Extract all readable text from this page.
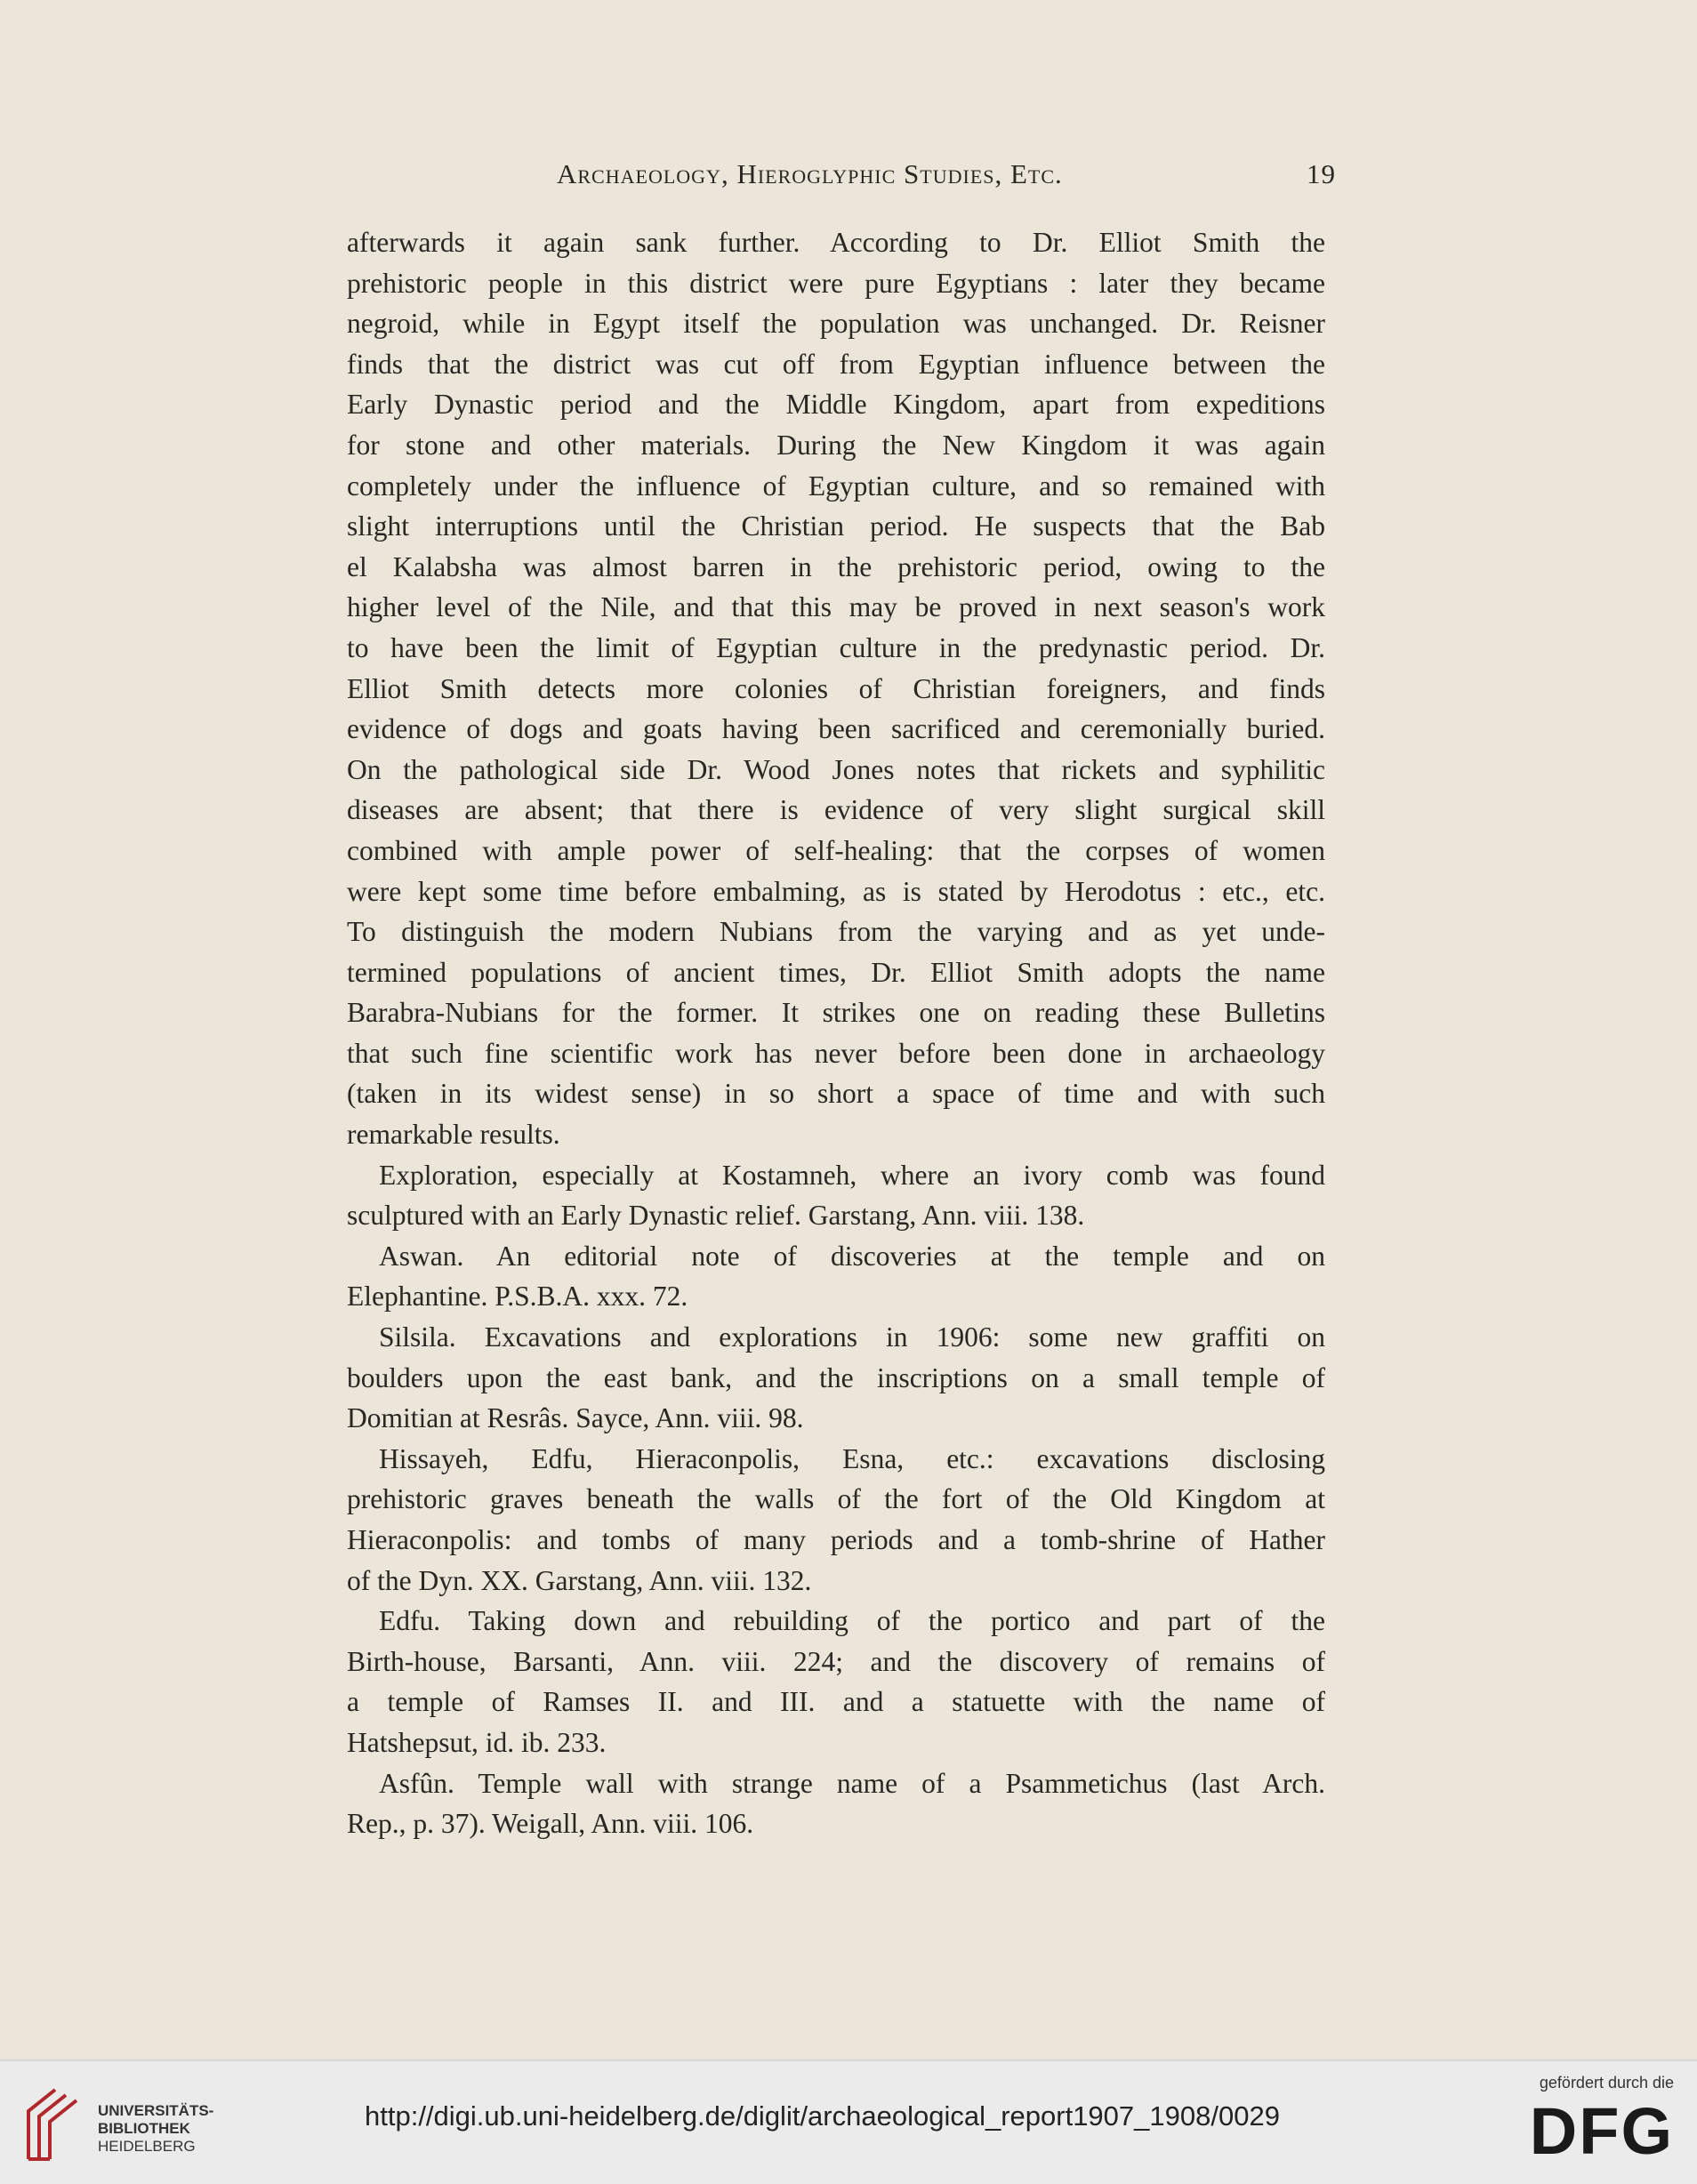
Archaeology, Hieroglyphic Studies, Etc.	19
afterwards it again sank further. According to Dr. Elliot Smith the
prehistoric people in this district were pure Egyptians : later they became
negroid, while in Egypt itself the population was unchanged. Dr. Reisner
finds that the district was cut off from Egyptian influence between the
Early Dynastic period and the Middle Kingdom, apart from expeditions
for stone and other materials. During the New Kingdom it was again
completely under the influence of Egyptian culture, and so remained with
slight interruptions until the Christian period. He suspects that the Bab
el Kalabsha was almost barren in the prehistoric period, owing to the
higher level of the Nile, and that this may be proved in next season's work
to have been the limit of Egyptian culture in the predynastic period. Dr.
Elliot Smith detects more colonies of Christian foreigners, and finds
evidence of dogs and goats having been sacrificed and ceremonially buried.
On the pathological side Dr. Wood Jones notes that rickets and syphilitic
diseases are absent; that there is evidence of very slight surgical skill
combined with ample power of self-healing: that the corpses of women
were kept some time before embalming, as is stated by Herodotus : etc., etc.
To distinguish the modern Nubians from the varying and as yet unde-
termined populations of ancient times, Dr. Elliot Smith adopts the name
Barabra-Nubians for the former. It strikes one on reading these Bulletins
that such fine scientific work has never before been done in archaeology
(taken in its widest sense) in so short a space of time and with such
remarkable results.
Exploration, especially at Kostamneh, where an ivory comb was found
sculptured with an Early Dynastic relief. Garstang, Ann. viii. 138.
Aswan. An editorial note of discoveries at the temple and on
Elephantine. P.S.B.A. xxx. 72.
Silsila. Excavations and explorations in 1906: some new graffiti on
boulders upon the east bank, and the inscriptions on a small temple of
Domitian at Resrâs. Sayce, Ann. viii. 98.
Hissayeh, Edfu, Hieraconpolis, Esna, etc.: excavations disclosing
prehistoric graves beneath the walls of the fort of the Old Kingdom at
Hieraconpolis: and tombs of many periods and a tomb-shrine of Hather
of the Dyn. XX. Garstang, Ann. viii. 132.
Edfu. Taking down and rebuilding of the portico and part of the
Birth-house, Barsanti, Ann. viii. 224; and the discovery of remains of
a temple of Ramses II. and III. and a statuette with the name of
Hatshepsut, id. ib. 233.
Asfûn. Temple wall with strange name of a Psammetichus (last Arch.
Rep., p. 37). Weigall, Ann. viii. 106.
UNIVERSITÄTS-
BIBLIOTHEK
HEIDELBERG
http://digi.ub.uni-heidelberg.de/diglit/archaeological_report1907_1908/0029
gefördert durch die
DFG
